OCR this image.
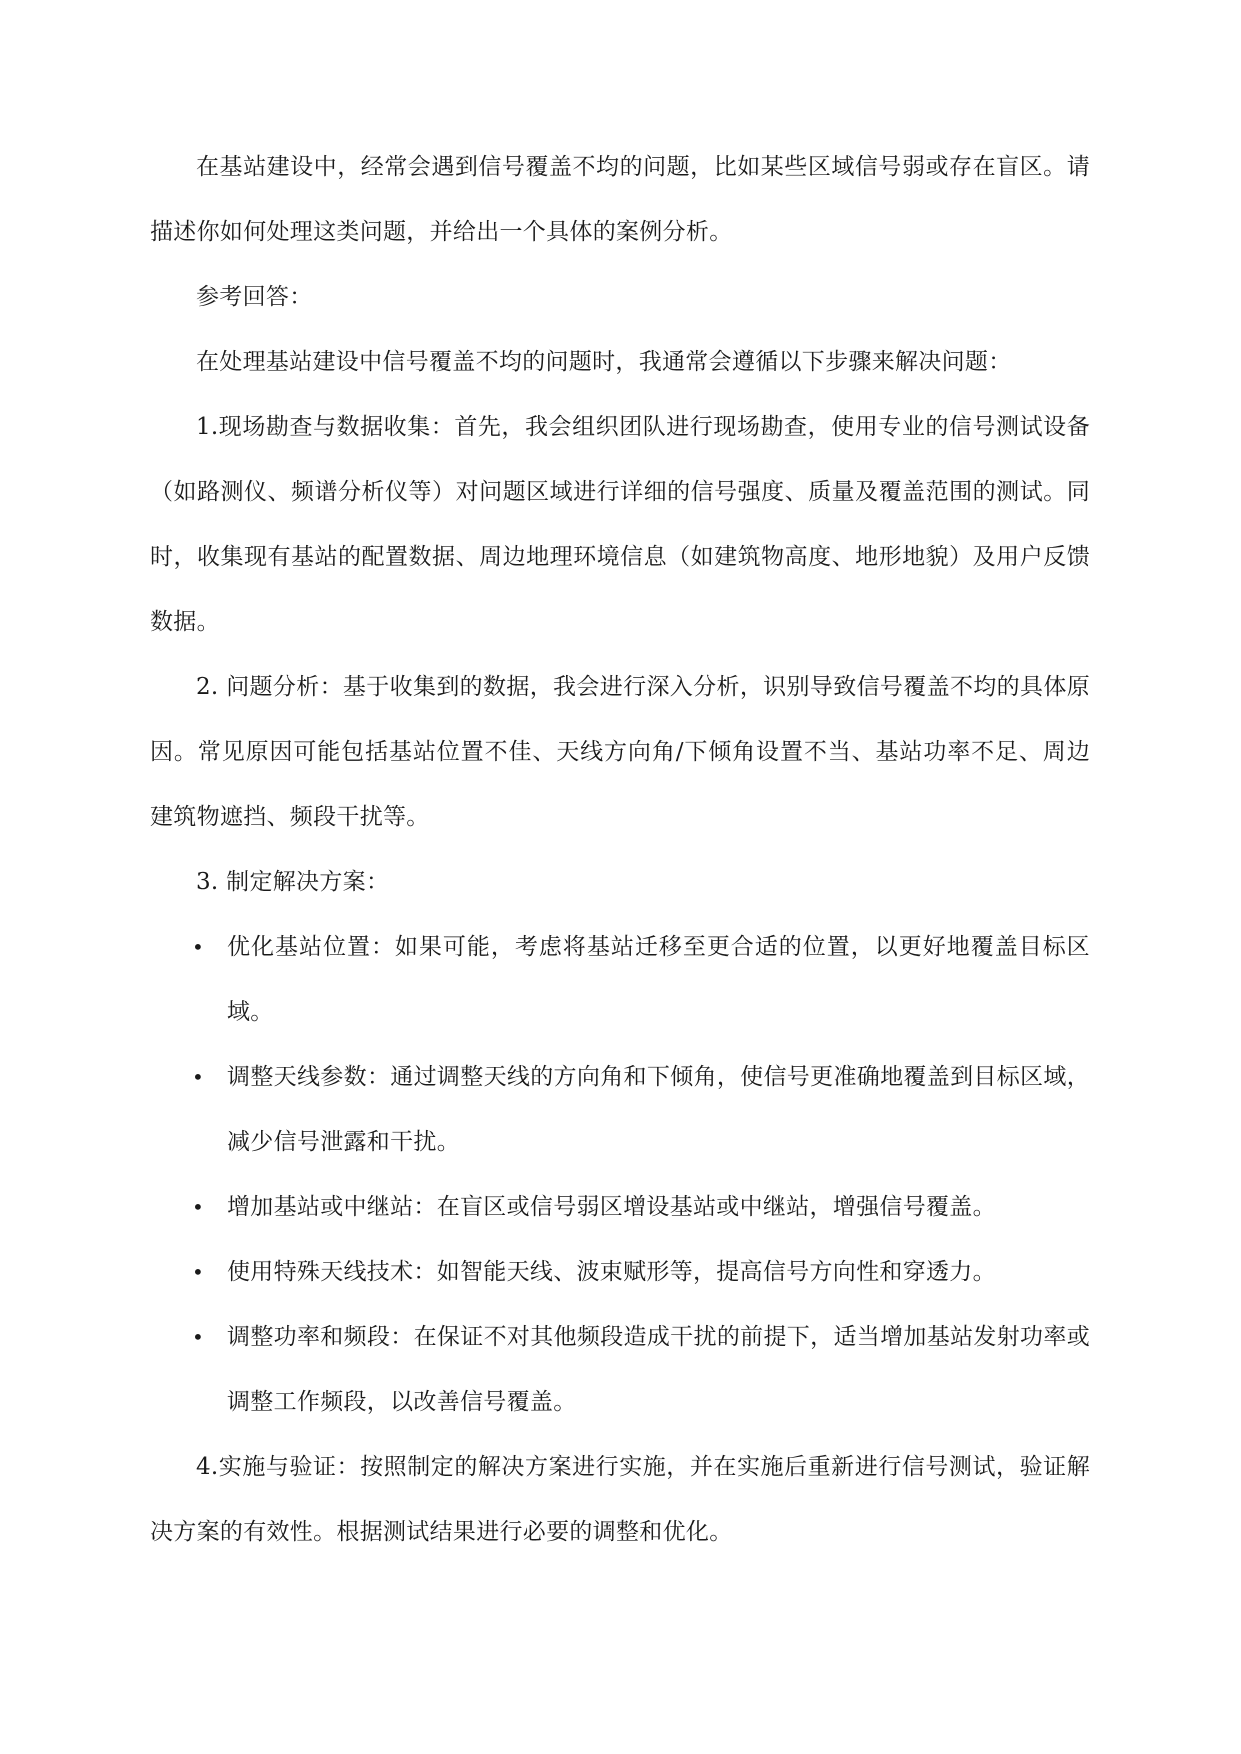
在基站建设中，经常会遇到信号覆盖不均的问题，比如某些区域信号弱或存在盲区。请描述你如何处理这类问题，并给出一个具体的案例分析。

参考回答：

在处理基站建设中信号覆盖不均的问题时，我通常会遵循以下步骤来解决问题：

1.现场勘查与数据收集：首先，我会组织团队进行现场勘查，使用专业的信号测试设备（如路测仪、频谱分析仪等）对问题区域进行详细的信号强度、质量及覆盖范围的测试。同时，收集现有基站的配置数据、周边地理环境信息（如建筑物高度、地形地貌）及用户反馈数据。

2. 问题分析：基于收集到的数据，我会进行深入分析，识别导致信号覆盖不均的具体原因。常见原因可能包括基站位置不佳、天线方向角/下倾角设置不当、基站功率不足、周边建筑物遮挡、频段干扰等。

3. 制定解决方案：

• 优化基站位置：如果可能，考虑将基站迁移至更合适的位置，以更好地覆盖目标区域。
• 调整天线参数：通过调整天线的方向角和下倾角，使信号更准确地覆盖到目标区域，减少信号泄露和干扰。
• 增加基站或中继站：在盲区或信号弱区增设基站或中继站，增强信号覆盖。
• 使用特殊天线技术：如智能天线、波束赋形等，提高信号方向性和穿透力。
• 调整功率和频段：在保证不对其他频段造成干扰的前提下，适当增加基站发射功率或调整工作频段，以改善信号覆盖。

4.实施与验证：按照制定的解决方案进行实施，并在实施后重新进行信号测试，验证解决方案的有效性。根据测试结果进行必要的调整和优化。
